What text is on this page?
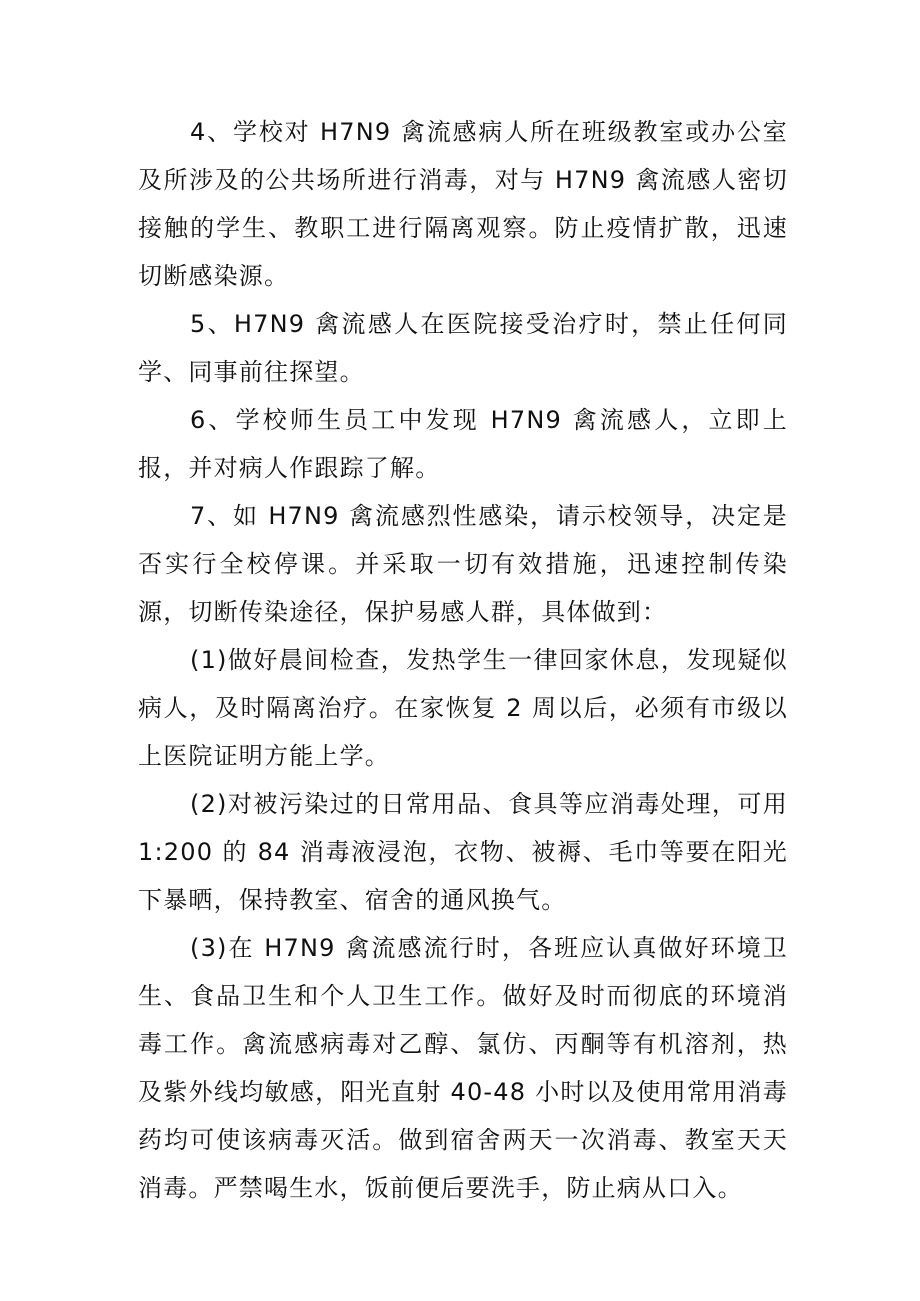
4、学校对 H7N9 禽流感病人所在班级教室或办公室及所涉及的公共场所进行消毒，对与 H7N9 禽流感人密切接触的学生、教职工进行隔离观察。防止疫情扩散，迅速切断感染源。

5、H7N9 禽流感人在医院接受治疗时，禁止任何同学、同事前往探望。

6、学校师生员工中发现 H7N9 禽流感人，立即上报，并对病人作跟踪了解。

7、如 H7N9 禽流感烈性感染，请示校领导，决定是否实行全校停课。并采取一切有效措施，迅速控制传染源，切断传染途径，保护易感人群，具体做到：

(1)做好晨间检查，发热学生一律回家休息，发现疑似病人，及时隔离治疗。在家恢复 2 周以后，必须有市级以上医院证明方能上学。

(2)对被污染过的日常用品、食具等应消毒处理，可用 1:200 的 84 消毒液浸泡，衣物、被褥、毛巾等要在阳光下暴晒，保持教室、宿舍的通风换气。

(3)在 H7N9 禽流感流行时，各班应认真做好环境卫生、食品卫生和个人卫生工作。做好及时而彻底的环境消毒工作。禽流感病毒对乙醇、氯仿、丙酮等有机溶剂，热及紫外线均敏感，阳光直射 40-48 小时以及使用常用消毒药均可使该病毒灭活。做到宿舍两天一次消毒、教室天天消毒。严禁喝生水，饭前便后要洗手，防止病从口入。
